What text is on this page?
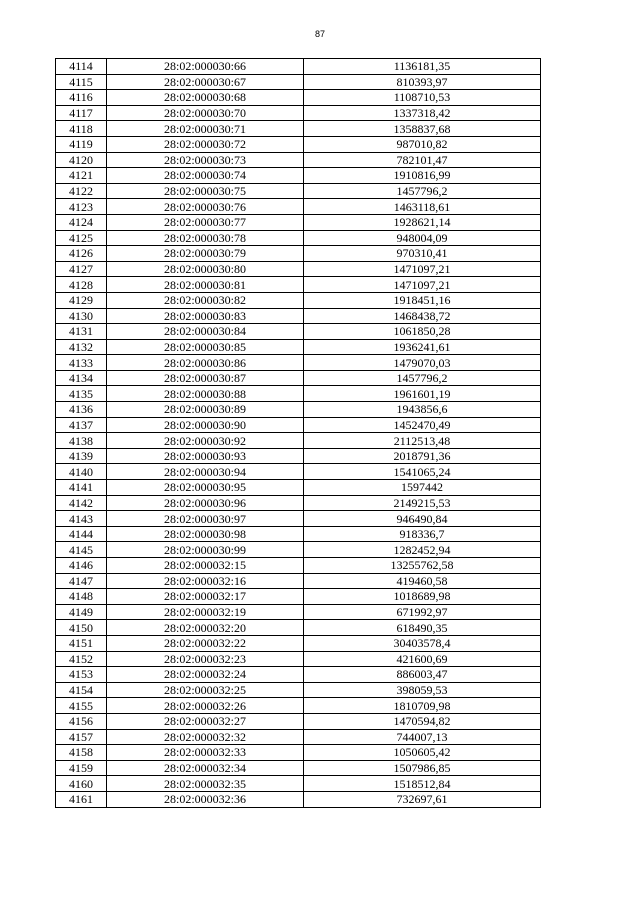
87
4114	28:02:000030:66	1136181,35
4115	28:02:000030:67	810393,97
4116	28:02:000030:68	1108710,53
4117	28:02:000030:70	1337318,42
4118	28:02:000030:71	1358837,68
4119	28:02:000030:72	987010,82
4120	28:02:000030:73	782101,47
4121	28:02:000030:74	1910816,99
4122	28:02:000030:75	1457796,2
4123	28:02:000030:76	1463118,61
4124	28:02:000030:77	1928621,14
4125	28:02:000030:78	948004,09
4126	28:02:000030:79	970310,41
4127	28:02:000030:80	1471097,21
4128	28:02:000030:81	1471097,21
4129	28:02:000030:82	1918451,16
4130	28:02:000030:83	1468438,72
4131	28:02:000030:84	1061850,28
4132	28:02:000030:85	1936241,61
4133	28:02:000030:86	1479070,03
4134	28:02:000030:87	1457796,2
4135	28:02:000030:88	1961601,19
4136	28:02:000030:89	1943856,6
4137	28:02:000030:90	1452470,49
4138	28:02:000030:92	2112513,48
4139	28:02:000030:93	2018791,36
4140	28:02:000030:94	1541065,24
4141	28:02:000030:95	1597442
4142	28:02:000030:96	2149215,53
4143	28:02:000030:97	946490,84
4144	28:02:000030:98	918336,7
4145	28:02:000030:99	1282452,94
4146	28:02:000032:15	13255762,58
4147	28:02:000032:16	419460,58
4148	28:02:000032:17	1018689,98
4149	28:02:000032:19	671992,97
4150	28:02:000032:20	618490,35
4151	28:02:000032:22	30403578,4
4152	28:02:000032:23	421600,69
4153	28:02:000032:24	886003,47
4154	28:02:000032:25	398059,53
4155	28:02:000032:26	1810709,98
4156	28:02:000032:27	1470594,82
4157	28:02:000032:32	744007,13
4158	28:02:000032:33	1050605,42
4159	28:02:000032:34	1507986,85
4160	28:02:000032:35	1518512,84
4161	28:02:000032:36	732697,61
